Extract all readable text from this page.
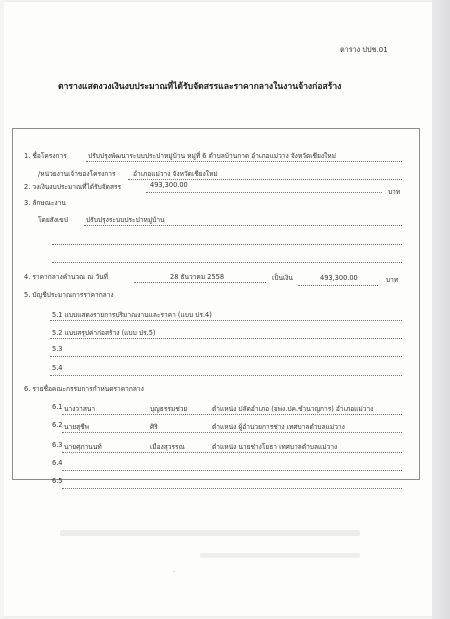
ตาราง ปปช.01
ตารางแสดงวงเงินงบประมาณที่ได้รับจัดสรรและราคากลางในงานจ้างก่อสร้าง
1. ชื่อโครงการ	ปรับปรุงพัฒนาระบบประปาหมู่บ้าน หมู่ที่ 6 ตำบลบ้านกาด อำเภอแม่วาง จังหวัดเชียงใหม่
/หน่วยงานเจ้าของโครงการ	อำเภอแม่วาง จังหวัดเชียงใหม่
2. วงเงินงบประมาณที่ได้รับจัดสรร	493,300.00
บาท
3. ลักษณะงาน
โดยสังเขป	ปรับปรุงระบบประปาหมู่บ้าน
4. ราคากลางคำนวณ ณ วันที่	28 ธันวาคม 2558	เป็นเงิน	493,300.00	บาท
5. บัญชีประมาณการราคากลาง
5.1 แบบแสดงรายการปริมาณงานและราคา (แบบ ปร.4)
5.2 แบบสรุปค่าก่อสร้าง (แบบ ปร.5)
5.3
5.4
6. รายชื่อคณะกรรมการกำหนดราคากลาง
6.1 นางวาสนา	บุญธรรมช่วย	ตำแหน่ง ปลัดอำเภอ (จพง.ปค.ชำนาญการ) อำเภอแม่วาง
6.2 นายสุชีพ	ศิริ	ตำแหน่ง ผู้อำนวยการช่าง เทศบาลตำบลแม่วาง
6.3 นายศุภานนท์	เมืองสุวรรณ	ตำแหน่ง นายช่างโยธา เทศบาลตำบลแม่วาง
6.4
6.5
·
